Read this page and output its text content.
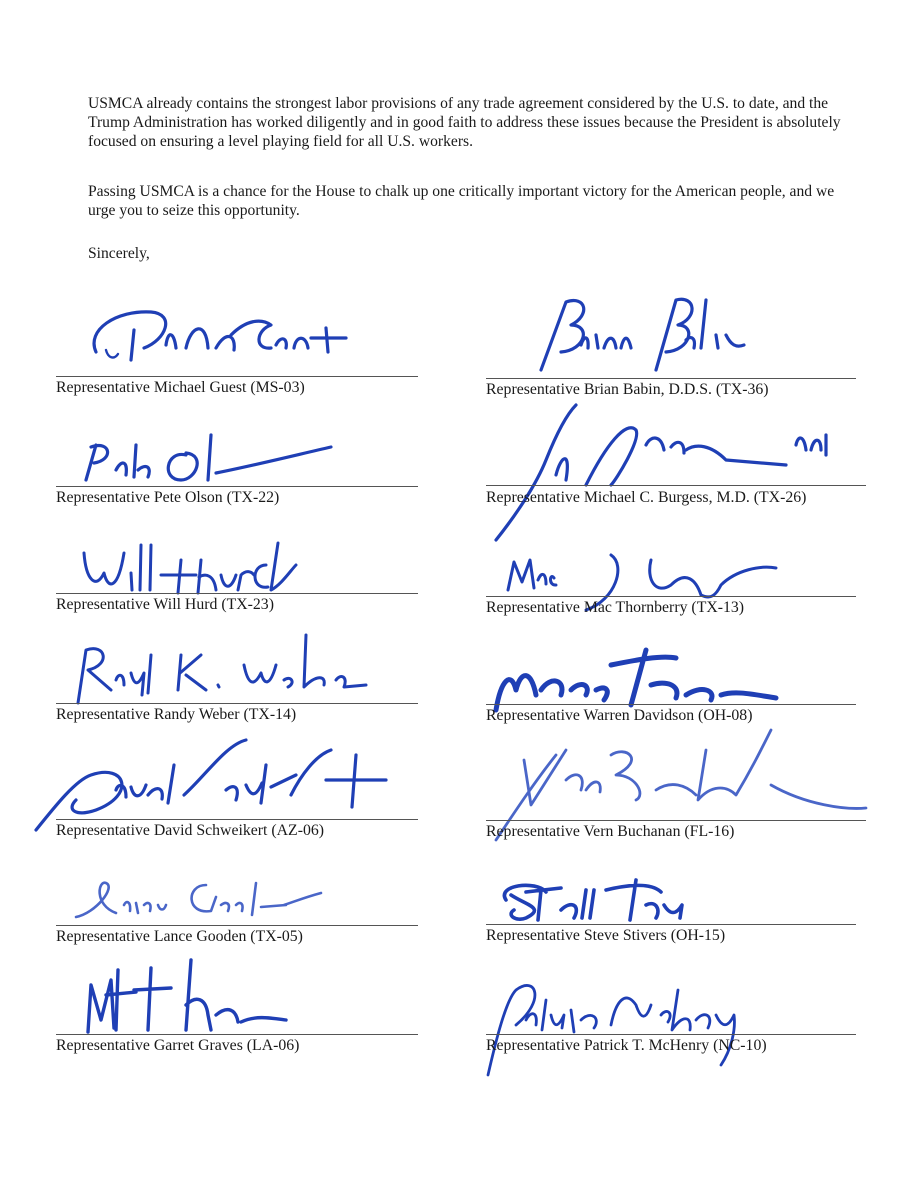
USMCA already contains the strongest labor provisions of any trade agreement considered by the U.S. to date, and the Trump Administration has worked diligently and in good faith to address these issues because the President is absolutely focused on ensuring a level playing field for all U.S. workers.

Passing USMCA is a chance for the House to chalk up one critically important victory for the American people, and we urge you to seize this opportunity.

Sincerely,

Representative Michael Guest (MS-03)
Representative Pete Olson (TX-22)
Representative Will Hurd (TX-23)
Representative Randy Weber (TX-14)
Representative David Schweikert (AZ-06)
Representative Lance Gooden (TX-05)
Representative Garret Graves (LA-06)
Representative Brian Babin, D.D.S. (TX-36)
Representative Michael C. Burgess, M.D. (TX-26)
Representative Mac Thornberry (TX-13)
Representative Warren Davidson (OH-08)
Representative Vern Buchanan (FL-16)
Representative Steve Stivers (OH-15)
Representative Patrick T. McHenry (NC-10)
